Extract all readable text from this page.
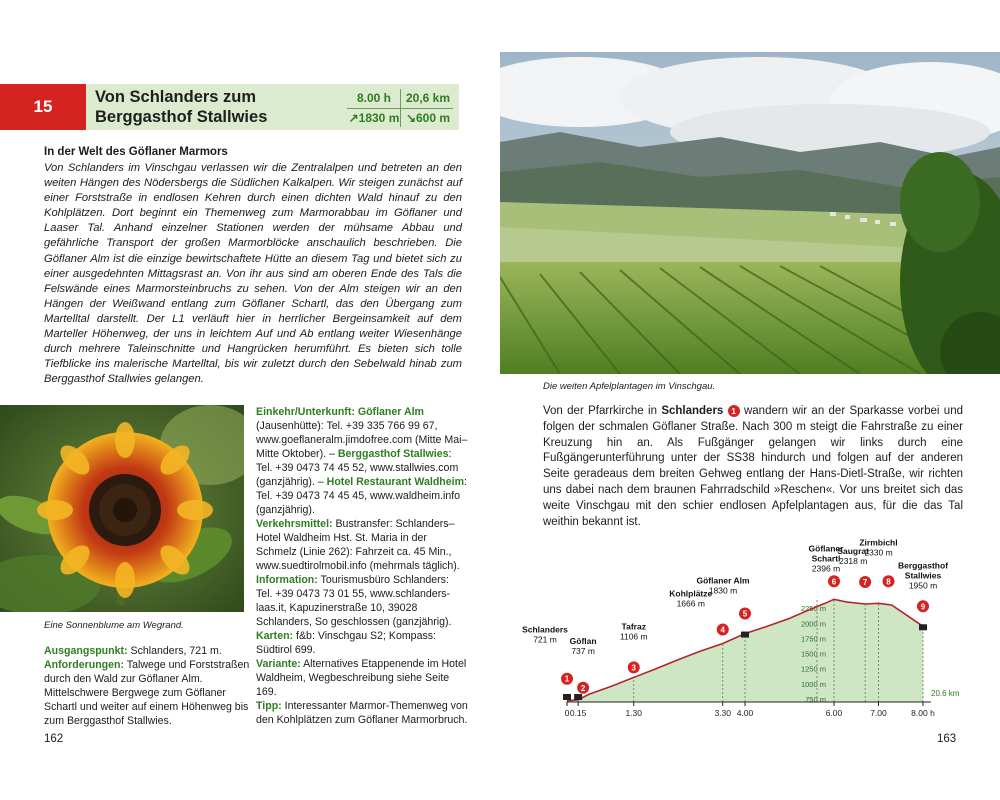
15	Von Schlanders zum
Berggasthof Stallwies
8.00 h	20,6 km
↗1830 m ↘600 m
In der Welt des Göflaner Marmors
Von Schlanders im Vinschgau verlassen wir die Zentralalpen und betreten an den weiten Hängen des Nödersbergs die Südlichen Kalkalpen. Wir steigen zunächst auf einer Forststraße in endlosen Kehren durch einen dichten Wald hinauf zu den Kohlplätzen. Dort beginnt ein Themenweg zum Marmorabbau im Göflaner und Laaser Tal. Anhand einzelner Stationen werden der mühsame Abbau und gefährliche Transport der großen Marmorblöcke anschaulich beschrieben. Die Göflaner Alm ist die einzige bewirtschaftete Hütte an diesem Tag und bietet sich zu einer ausgedehnten Mittagsrast an. Von ihr aus sind am oberen Ende des Tals die Felswände eines Marmorsteinbruchs zu sehen. Von der Alm steigen wir an den Hängen der Weißwand entlang zum Göflaner Schartl, das den Übergang zum Martelltal darstellt. Der L1 verläuft hier in herrlicher Bergeinsamkeit auf dem Marteller Höhenweg, der uns in leichtem Auf und Ab entlang weiter Wiesenhänge durch mehrere Taleinschnitte und Hangrücken herumführt. Es bieten sich tolle Tiefblicke ins malerische Martelltal, bis wir zuletzt durch den Sebelwald hinab zum Berggasthof Stallwies gelangen.
Eine Sonnenblume am Wegrand.

Ausgangspunkt: Schlanders, 721 m.

Anforderungen: Talwege und Forststraßen durch den Wald zur Göflaner Alm. Mittelschwere Bergwege zum Göflaner Schartl und weiter auf einem Höhenweg bis zum Berggasthof Stallwies.

Einkehr/Unterkunft: Göflaner Alm (Jausenhütte): Tel. +39 335 766 99 67, www.goeflaneralm.jimdofree.com (Mitte Mai–Mitte Oktober). – Berggasthof Stallwies: Tel. +39 0473 74 45 52, www.stallwies.com (ganzjährig). – Hotel Restaurant Waldheim: Tel. +39 0473 74 45 45, www.waldheim.info (ganzjährig).

Verkehrsmittel: Bustransfer: Schlanders–Hotel Waldheim Hst. St. Maria in der Schmelz (Linie 262): Fahrzeit ca. 45 Min., www.suedtirolmobil.info (mehrmals täglich).

Information: Tourismusbüro Schlanders: Tel. +39 0473 73 01 55, www.schlanders-laas.it, Kapuzinerstraße 10, 39028 Schlanders, So geschlossen (ganzjährig).

Karten: f&b: Vinschgau S2; Kompass: Südtirol 699.

Variante: Alternatives Etappenende im Hotel Waldheim, Wegbeschreibung siehe Seite 169.

Tipp: Interessanter Marmor-Themenweg von den Kohlplätzen zum Göflaner Marmorbruch.

162
Die weiten Apfelplantagen im Vinschgau.
Von der Pfarrkirche in Schlanders 1 wandern wir an der Sparkasse vorbei und folgen der schmalen Göflaner Straße. Nach 300 m steigt die Fahrstraße zu einer Kreuzung hin an. Als Fußgänger gelangen wir links durch eine Fußgängerunterführung unter der SS38 hindurch und folgen auf der anderen Seite geradeaus dem breiten Gehweg entlang der Hans-Dietl-Straße, wir richten uns dabei nach dem braunen Fahrradschild »Reschen«. Vor uns breitet sich das weite Vinschgau mit den schier endlosen Apfelplantagen aus, für die das Tal weithin bekannt ist.
750 m
1000 m
1250 m
1500 m
1750 m
2000 m
2250 m
0 0.15	1.30	3.30 4.00	6.00	7.00	8.00 h
20.6 km
1
Schlanders
721 m
2
Göflan
737 m
3
Tafraz
1106 m
4
Kohlplätze
1666 m
5
Göflaner Alm
1830 m
6
Göflaner
Schartl
2396 m
7
Saugrat
2318 m
8
Zirmbichl
2330 m
9
Berggasthof
Stallwies
1950 m
163
